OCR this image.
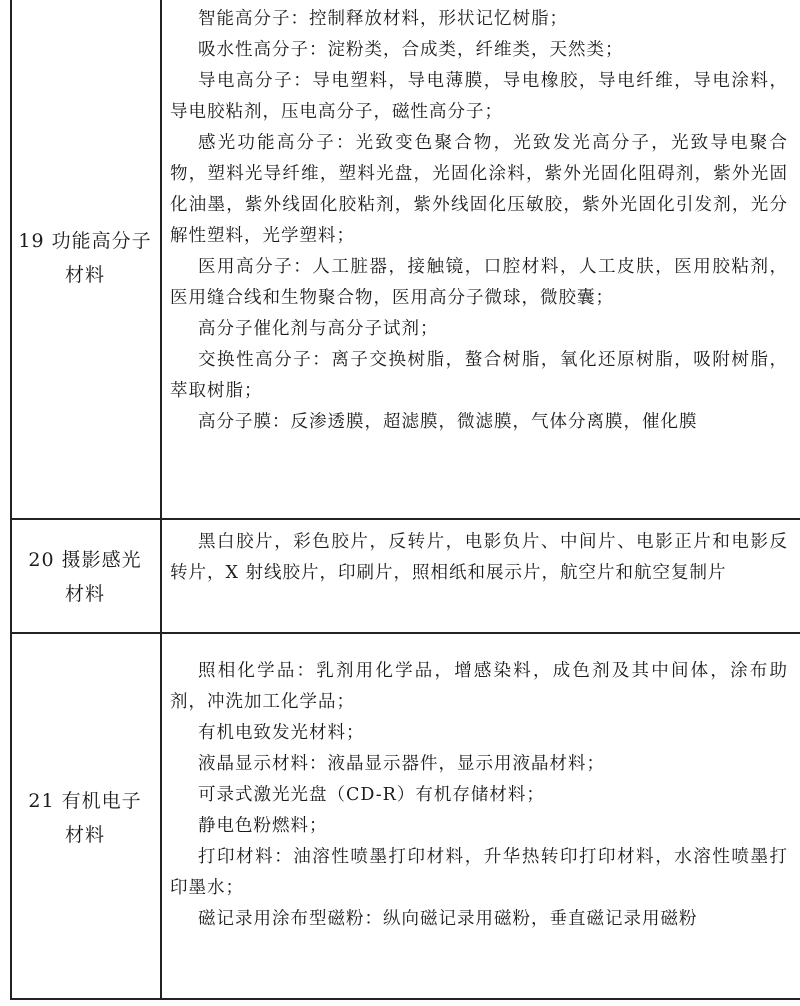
19 功能高分子
材料

智能高分子：控制释放材料，形状记忆树脂；

吸水性高分子：淀粉类，合成类，纤维类，天然类；

导电高分子：导电塑料，导电薄膜，导电橡胶，导电纤维，导电涂料，导电胶粘剂，压电高分子，磁性高分子；

感光功能高分子：光致变色聚合物，光致发光高分子，光致导电聚合物，塑料光导纤维，塑料光盘，光固化涂料，紫外光固化阻碍剂，紫外光固化油墨，紫外线固化胶粘剂，紫外线固化压敏胶，紫外光固化引发剂，光分解性塑料，光学塑料；

医用高分子：人工脏器，接触镜，口腔材料，人工皮肤，医用胶粘剂，医用缝合线和生物聚合物，医用高分子微球，微胶囊；

高分子催化剂与高分子试剂；

交换性高分子：离子交换树脂，螯合树脂，氧化还原树脂，吸附树脂，萃取树脂；

高分子膜：反渗透膜，超滤膜，微滤膜，气体分离膜，催化膜

20 摄影感光
材料

黑白胶片，彩色胶片，反转片，电影负片、中间片、电影正片和电影反转片，X 射线胶片，印刷片，照相纸和展示片，航空片和航空复制片

21 有机电子
材料

照相化学品：乳剂用化学品，增感染料，成色剂及其中间体，涂布助剂，冲洗加工化学品；

有机电致发光材料；

液晶显示材料：液晶显示器件，显示用液晶材料；

可录式激光光盘（CD-R）有机存储材料；

静电色粉燃料；

打印材料：油溶性喷墨打印材料，升华热转印打印材料，水溶性喷墨打印墨水；

磁记录用涂布型磁粉：纵向磁记录用磁粉，垂直磁记录用磁粉
